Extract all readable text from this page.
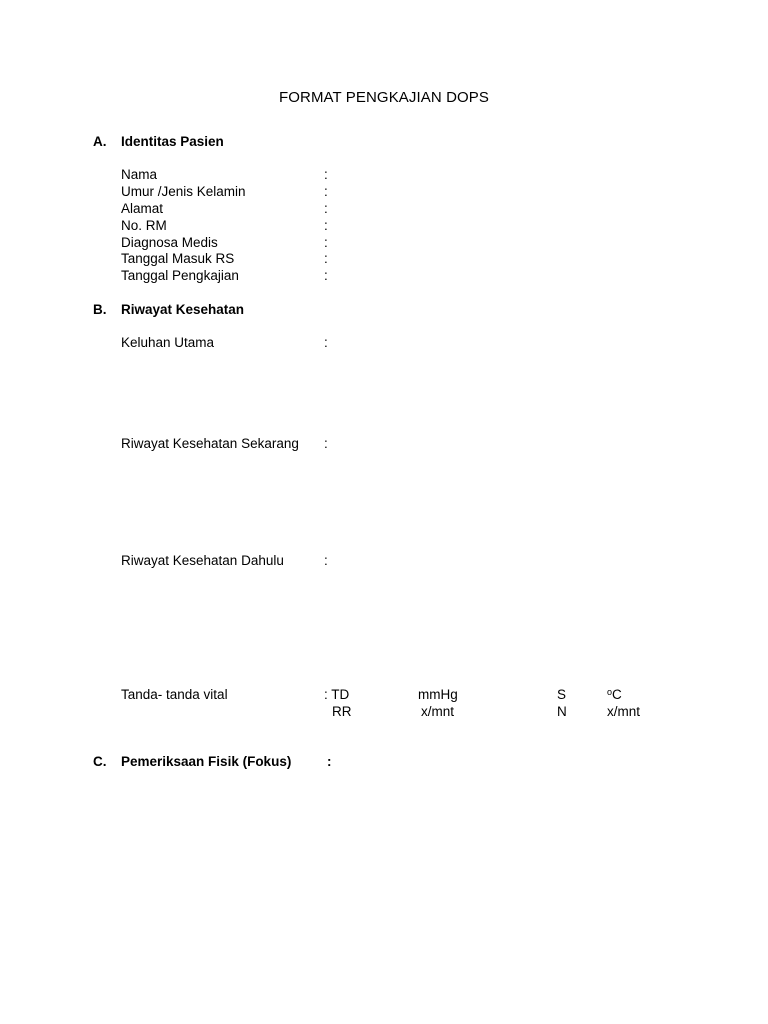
FORMAT PENGKAJIAN DOPS
A. Identitas Pasien
Nama	:
Umur /Jenis Kelamin	:
Alamat	:
No. RM	:
Diagnosa Medis	:
Tanggal Masuk RS	:
Tanggal Pengkajian	:
B. Riwayat Kesehatan
Keluhan Utama	:
Riwayat Kesehatan Sekarang :
Riwayat Kesehatan Dahulu	:
Tanda- tanda vital	: TD	mmHg	S	$^o$C
RR	x/mnt	N	x/mnt
C. Pemeriksaan Fisik (Fokus)	:
